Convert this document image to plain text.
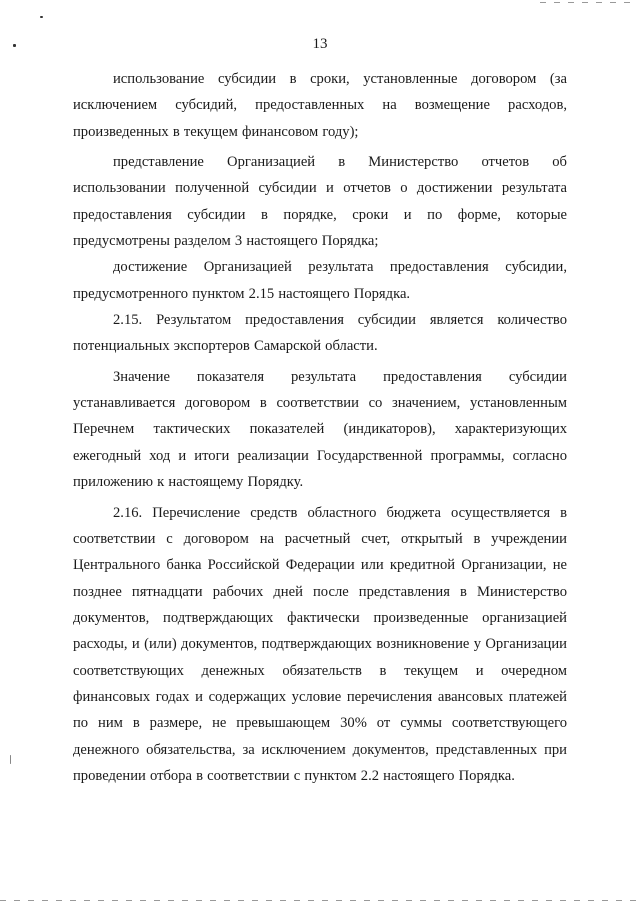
13

использование субсидии в сроки, установленные договором (за исключением субсидий, предоставленных на возмещение расходов, произведенных в текущем финансовом году);

представление Организацией в Министерство отчетов об использовании полученной субсидии и отчетов о достижении результата предоставления субсидии в порядке, сроки и по форме, которые предусмотрены разделом 3 настоящего Порядка;

достижение Организацией результата предоставления субсидии, предусмотренного пунктом 2.15 настоящего Порядка.

2.15. Результатом предоставления субсидии является количество потенциальных экспортеров Самарской области.

Значение показателя результата предоставления субсидии устанавливается договором в соответствии со значением, установленным Перечнем тактических показателей (индикаторов), характеризующих ежегодный ход и итоги реализации Государственной программы, согласно приложению к настоящему Порядку.

2.16. Перечисление средств областного бюджета осуществляется в соответствии с договором на расчетный счет, открытый в учреждении Центрального банка Российской Федерации или кредитной Организации, не позднее пятнадцати рабочих дней после представления в Министерство документов, подтверждающих фактически произведенные организацией расходы, и (или) документов, подтверждающих возникновение у Организации соответствующих денежных обязательств в текущем и очередном финансовых годах и содержащих условие перечисления авансовых платежей по ним в размере, не превышающем 30% от суммы соответствующего денежного обязательства, за исключением документов, представленных при проведении отбора в соответствии с пунктом 2.2 настоящего Порядка.
